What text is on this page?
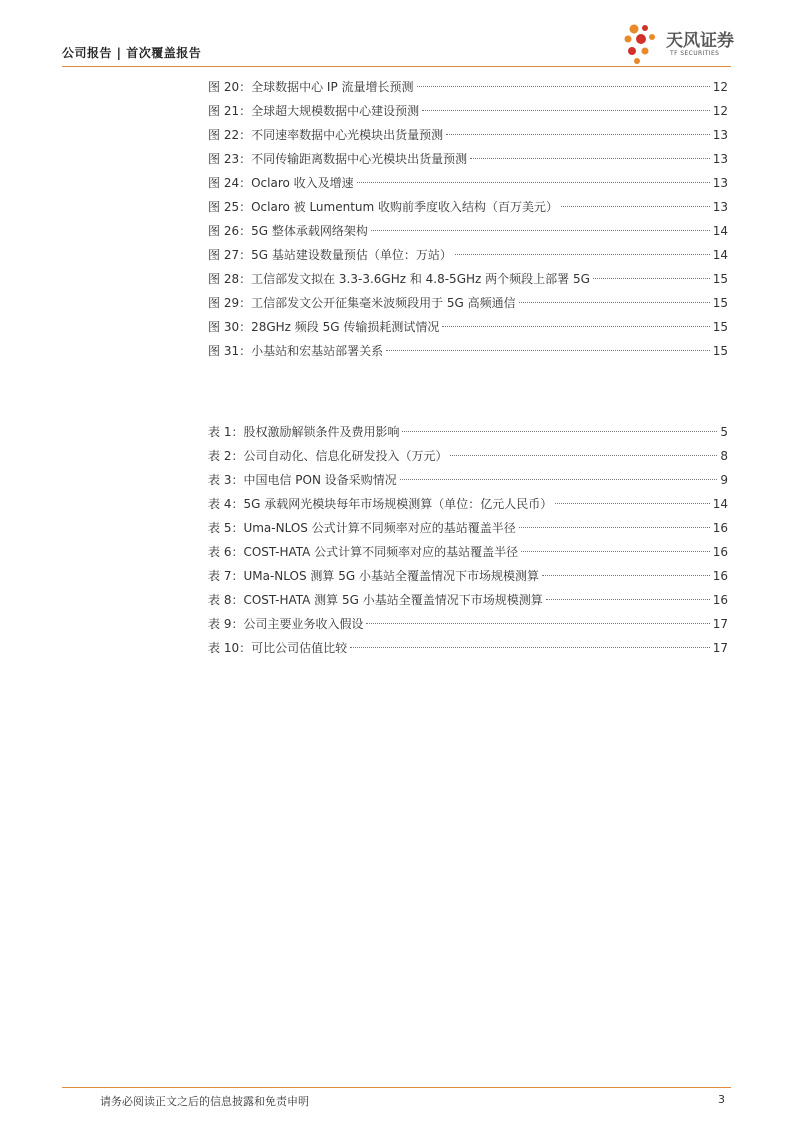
公司报告 | 首次覆盖报告
天风证券
TF SECURITIES
图 20：全球数据中心 IP 流量增长预测	12
图 21：全球超大规模数据中心建设预测	12
图 22：不同速率数据中心光模块出货量预测	13
图 23：不同传输距离数据中心光模块出货量预测	13
图 24：Oclaro 收入及增速	13
图 25：Oclaro 被 Lumentum 收购前季度收入结构（百万美元）	13
图 26：5G 整体承载网络架构	14
图 27：5G 基站建设数量预估（单位：万站）	14
图 28：工信部发文拟在 3.3-3.6GHz 和 4.8-5GHz 两个频段上部署 5G	15
图 29：工信部发文公开征集毫米波频段用于 5G 高频通信	15
图 30：28GHz 频段 5G 传输损耗测试情况	15
图 31：小基站和宏基站部署关系	15
表 1：股权激励解锁条件及费用影响	5
表 2：公司自动化、信息化研发投入（万元）	8
表 3：中国电信 PON 设备采购情况	9
表 4：5G 承载网光模块每年市场规模测算（单位：亿元人民币）	14
表 5：Uma-NLOS 公式计算不同频率对应的基站覆盖半径	16
表 6：COST-HATA 公式计算不同频率对应的基站覆盖半径	16
表 7：UMa-NLOS 测算 5G 小基站全覆盖情况下市场规模测算	16
表 8：COST-HATA 测算 5G 小基站全覆盖情况下市场规模测算	16
表 9：公司主要业务收入假设	17
表 10：可比公司估值比较	17
请务必阅读正文之后的信息披露和免责申明	3
